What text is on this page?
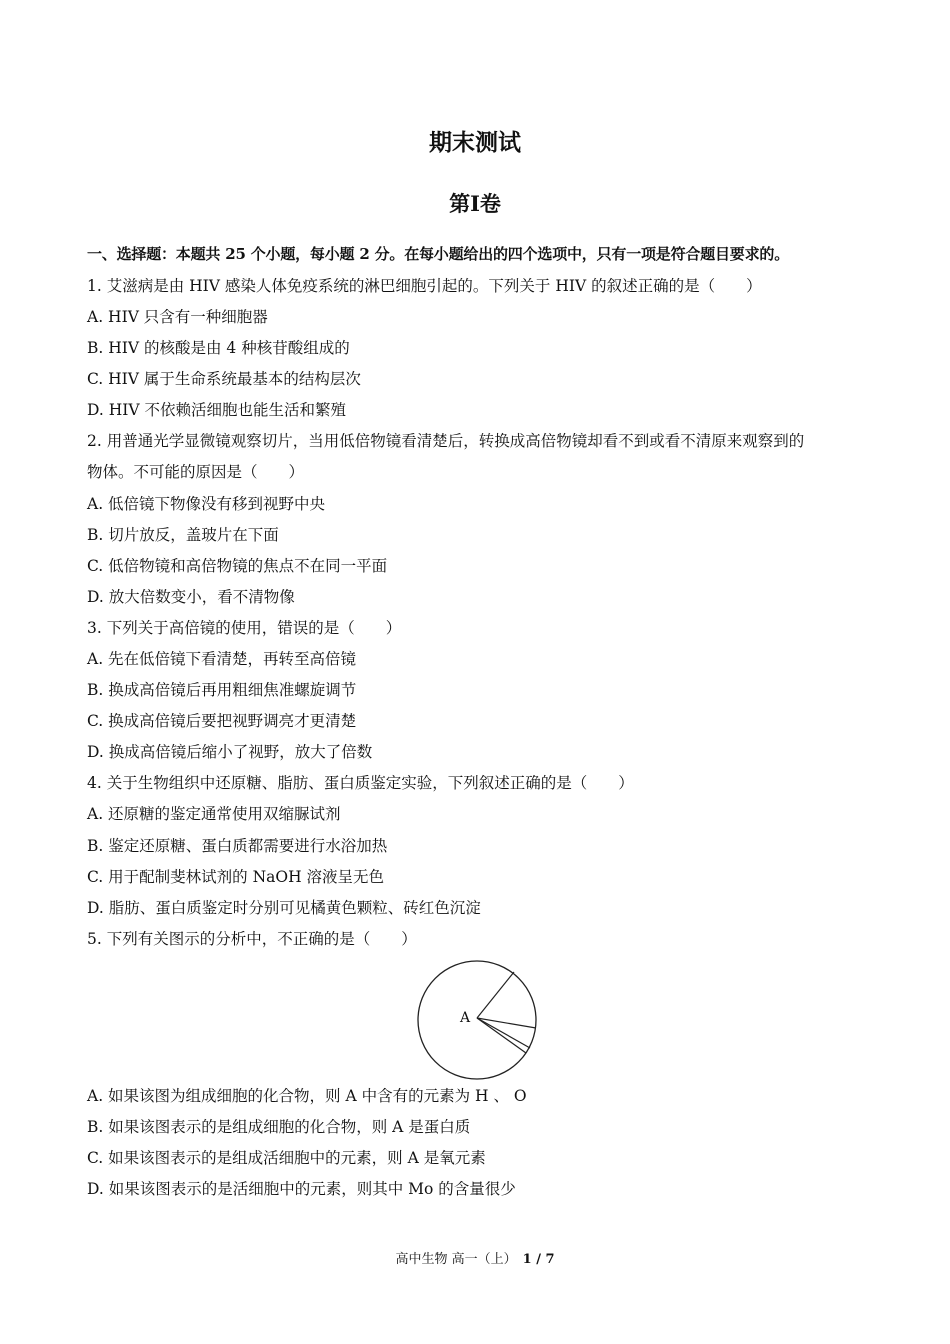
期末测试
第Ⅰ卷
一、选择题：本题共 25 个小题，每小题 2 分。在每小题给出的四个选项中，只有一项是符合题目要求的。
1. 艾滋病是由 HIV 感染人体免疫系统的淋巴细胞引起的。下列关于 HIV 的叙述正确的是（　　）
A. HIV 只含有一种细胞器
B. HIV 的核酸是由 4 种核苷酸组成的
C. HIV 属于生命系统最基本的结构层次
D. HIV 不依赖活细胞也能生活和繁殖
2. 用普通光学显微镜观察切片，当用低倍物镜看清楚后，转换成高倍物镜却看不到或看不清原来观察到的
物体。不可能的原因是（　　）
A. 低倍镜下物像没有移到视野中央
B. 切片放反，盖玻片在下面
C. 低倍物镜和高倍物镜的焦点不在同一平面
D. 放大倍数变小，看不清物像
3. 下列关于高倍镜的使用，错误的是（　　）
A. 先在低倍镜下看清楚，再转至高倍镜
B. 换成高倍镜后再用粗细焦准螺旋调节
C. 换成高倍镜后要把视野调亮才更清楚
D. 换成高倍镜后缩小了视野，放大了倍数
4. 关于生物组织中还原糖、脂肪、蛋白质鉴定实验，下列叙述正确的是（　　）
A. 还原糖的鉴定通常使用双缩脲试剂
B. 鉴定还原糖、蛋白质都需要进行水浴加热
C. 用于配制斐林试剂的 NaOH 溶液呈无色
D. 脂肪、蛋白质鉴定时分别可见橘黄色颗粒、砖红色沉淀
5. 下列有关图示的分析中，不正确的是（　　）
A
A. 如果该图为组成细胞的化合物，则 A 中含有的元素为 H 、 O
B. 如果该图表示的是组成细胞的化合物，则 A 是蛋白质
C. 如果该图表示的是组成活细胞中的元素，则 A 是氧元素
D. 如果该图表示的是活细胞中的元素，则其中 Mo 的含量很少
高中生物 高一（上） 1 / 7
